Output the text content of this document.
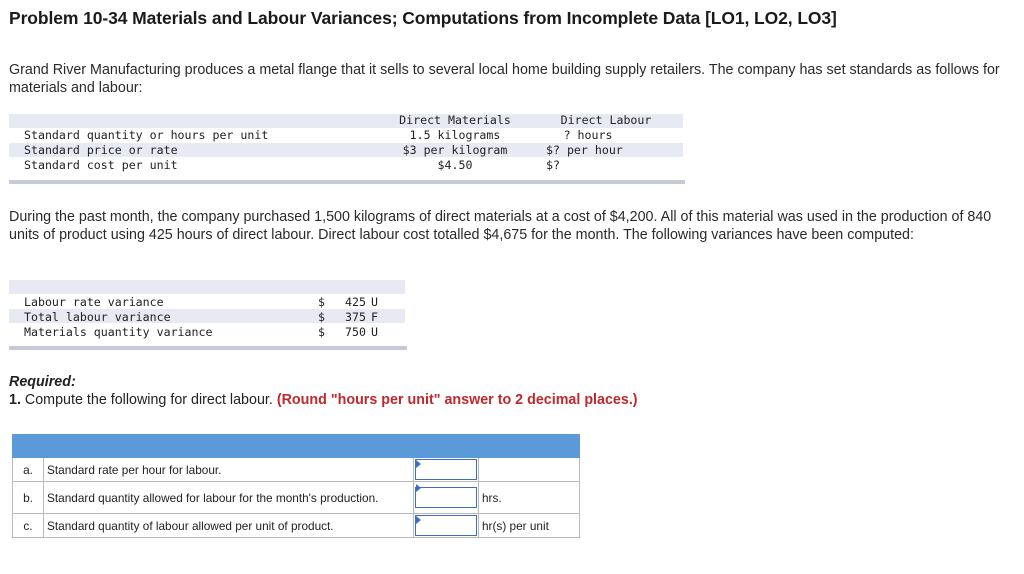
Problem 10-34 Materials and Labour Variances; Computations from Incomplete Data [LO1, LO2, LO3]
Grand River Manufacturing produces a metal flange that it sells to several local home building supply retailers. The company has set standards as follows for materials and labour:
Direct Materials	Direct Labour
Standard quantity or hours per unit	1.5 kilograms	? hours
Standard price or rate	$3 per kilogram	$? per hour
Standard cost per unit	$4.50	$?
During the past month, the company purchased 1,500 kilograms of direct materials at a cost of $4,200. All of this material was used in the production of 840 units of product using 425 hours of direct labour. Direct labour cost totalled $4,675 for the month. The following variances have been computed:
Labour rate variance	$	425 U
Total labour variance	$	375 F
Materials quantity variance	$	750 U
Required:
1. Compute the following for direct labour. (Round "hours per unit" answer to 2 decimal places.)

a.	Standard rate per hour for labour.	

b.	Standard quantity allowed for labour for the month's production.		hrs.
c.	Standard quantity of labour allowed per unit of product.		hr(s) per unit
